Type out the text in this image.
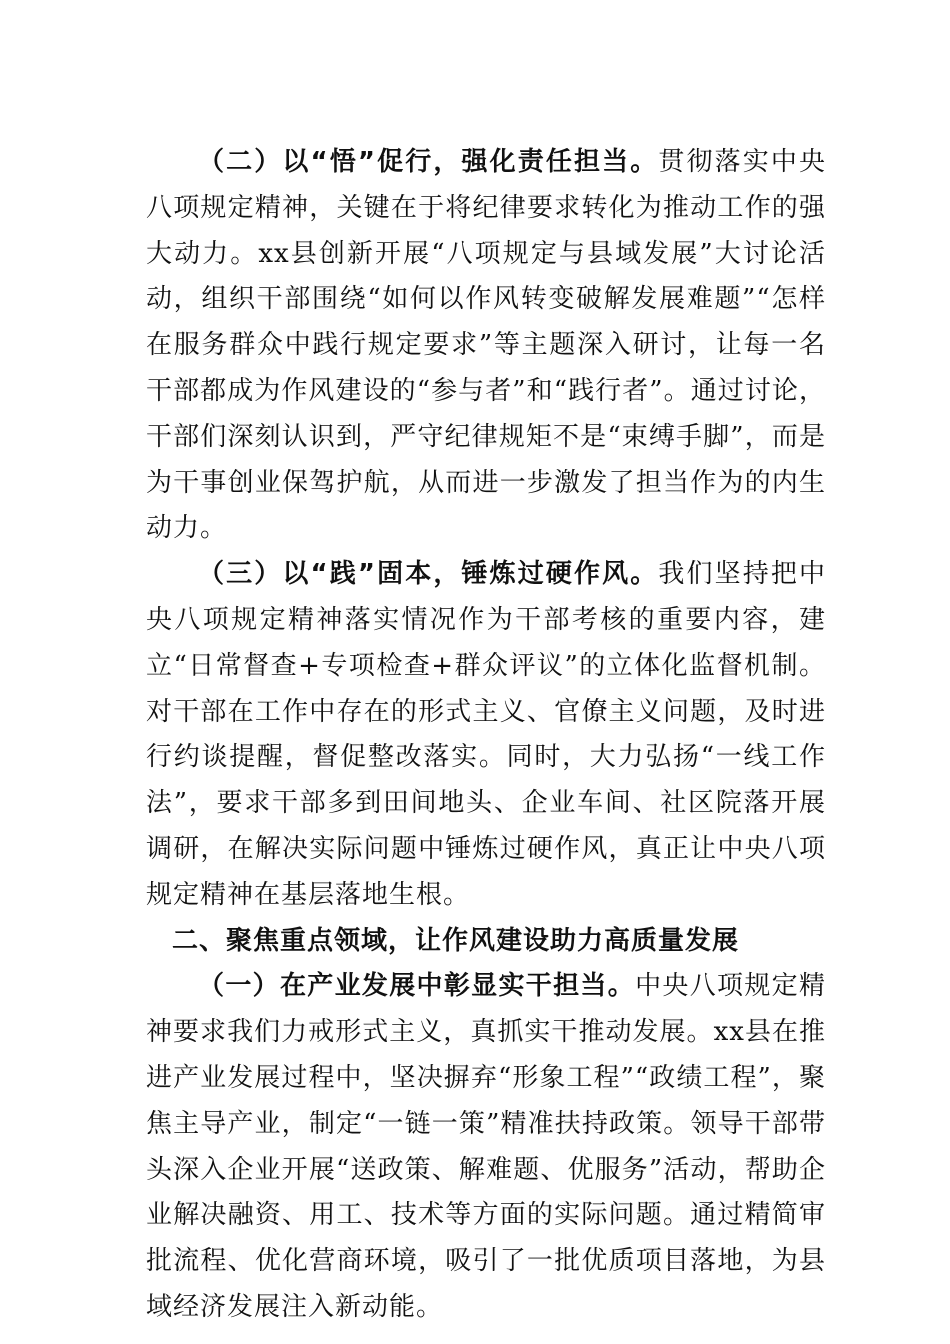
（二）以“悟”促行，强化责任担当。贯彻落实中央八项规定精神，关键在于将纪律要求转化为推动工作的强大动力。xx县创新开展“八项规定与县域发展”大讨论活动，组织干部围绕“如何以作风转变破解发展难题”“怎样在服务群众中践行规定要求”等主题深入研讨，让每一名干部都成为作风建设的“参与者”和“践行者”。通过讨论，干部们深刻认识到，严守纪律规矩不是“束缚手脚”，而是为干事创业保驾护航，从而进一步激发了担当作为的内生动力。

（三）以“践”固本，锤炼过硬作风。我们坚持把中央八项规定精神落实情况作为干部考核的重要内容，建立“日常督查+专项检查+群众评议”的立体化监督机制。对干部在工作中存在的形式主义、官僚主义问题，及时进行约谈提醒，督促整改落实。同时，大力弘扬“一线工作法”，要求干部多到田间地头、企业车间、社区院落开展调研，在解决实际问题中锤炼过硬作风，真正让中央八项规定精神在基层落地生根。

二、聚焦重点领域，让作风建设助力高质量发展

（一）在产业发展中彰显实干担当。中央八项规定精神要求我们力戒形式主义，真抓实干推动发展。xx县在推进产业发展过程中，坚决摒弃“形象工程”“政绩工程”，聚焦主导产业，制定“一链一策”精准扶持政策。领导干部带头深入企业开展“送政策、解难题、优服务”活动，帮助企业解决融资、用工、技术等方面的实际问题。通过精简审批流程、优化营商环境，吸引了一批优质项目落地，为县域经济发展注入新动能。
